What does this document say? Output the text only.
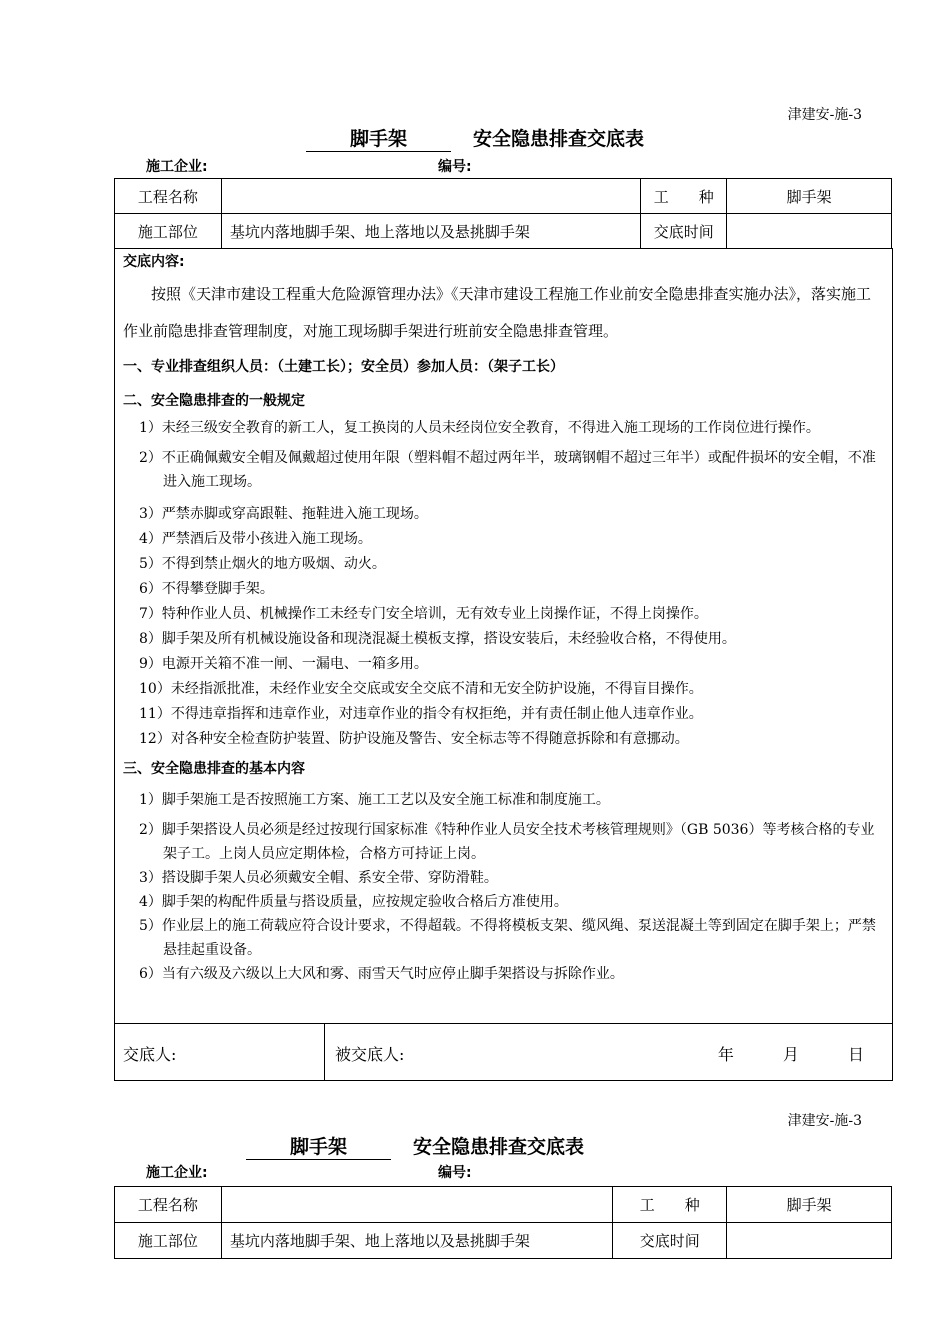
津建安-施-3
脚手架	安全隐患排查交底表
施工企业:	编号:
工程名称		工　　种	脚手架
施工部位	基坑内落地脚手架、地上落地以及悬挑脚手架	交底时间	

交底内容:

按照《天津市建设工程重大危险源管理办法》《天津市建设工程施工作业前安全隐患排查实施办法》，落实施工作业前隐患排查管理制度，对施工现场脚手架进行班前安全隐患排查管理。

一、专业排查组织人员：（土建工长）；安全员）参加人员：（架子工长）

二、安全隐患排查的一般规定

1）未经三级安全教育的新工人，复工换岗的人员未经岗位安全教育，不得进入施工现场的工作岗位进行操作。

2）不正确佩戴安全帽及佩戴超过使用年限（塑料帽不超过两年半，玻璃钢帽不超过三年半）或配件损坏的安全帽，不准进入施工现场。

3）严禁赤脚或穿高跟鞋、拖鞋进入施工现场。

4）严禁酒后及带小孩进入施工现场。

5）不得到禁止烟火的地方吸烟、动火。

6）不得攀登脚手架。

7）特种作业人员、机械操作工未经专门安全培训，无有效专业上岗操作证，不得上岗操作。

8）脚手架及所有机械设施设备和现浇混凝土模板支撑，搭设安装后，未经验收合格，不得使用。

9）电源开关箱不准一闸、一漏电、一箱多用。

10）未经指派批准，未经作业安全交底或安全交底不清和无安全防护设施，不得盲目操作。

11）不得违章指挥和违章作业，对违章作业的指令有权拒绝，并有责任制止他人违章作业。

12）对各种安全检查防护装置、防护设施及警告、安全标志等不得随意拆除和有意挪动。

三、安全隐患排查的基本内容

1）脚手架施工是否按照施工方案、施工工艺以及安全施工标准和制度施工。

2）脚手架搭设人员必须是经过按现行国家标准《特种作业人员安全技术考核管理规则》（GB 5036）等考核合格的专业架子工。上岗人员应定期体检，合格方可持证上岗。

3）搭设脚手架人员必须戴安全帽、系安全带、穿防滑鞋。

4）脚手架的构配件质量与搭设质量，应按规定验收合格后方准使用。

5）作业层上的施工荷载应符合设计要求，不得超载。不得将模板支架、缆风绳、泵送混凝土等到固定在脚手架上；严禁悬挂起重设备。

6）当有六级及六级以上大风和雾、雨雪天气时应停止脚手架搭设与拆除作业。

交底人:	被交底人:	年 月 日
津建安-施-3
脚手架	安全隐患排查交底表
施工企业:	编号:
工程名称		工　　种	脚手架
施工部位	基坑内落地脚手架、地上落地以及悬挑脚手架	交底时间	
